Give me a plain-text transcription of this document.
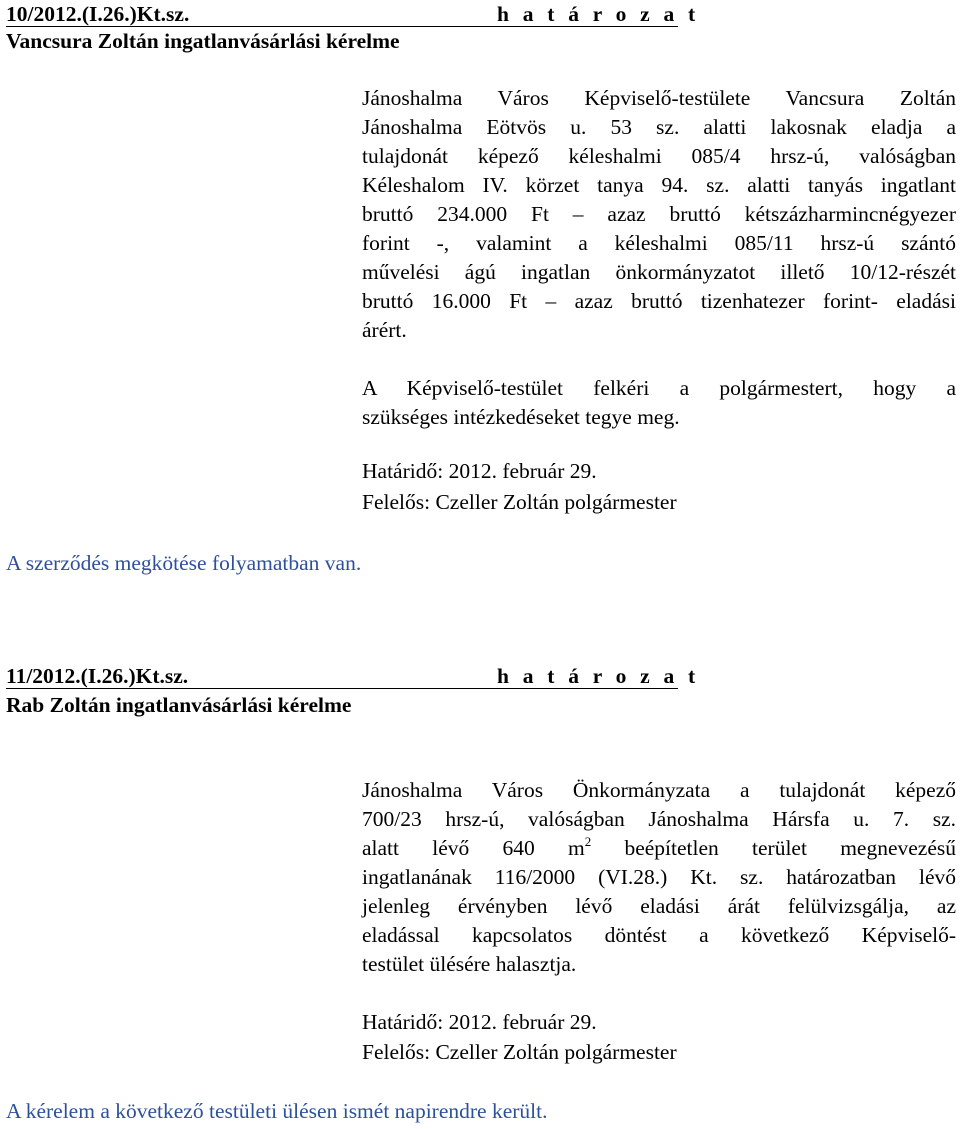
10/2012.(I.26.)Kt.sz.	h a t á r o z a t
Vancsura Zoltán ingatlanvásárlási kérelme
Jánoshalma Város Képviselő-testülete Vancsura Zoltán
Jánoshalma Eötvös u. 53 sz. alatti lakosnak eladja a
tulajdonát képező kéleshalmi 085/4 hrsz-ú, valóságban
Kéleshalom IV. körzet tanya 94. sz. alatti tanyás ingatlant
bruttó 234.000 Ft – azaz bruttó kétszázharmincnégyezer
forint -, valamint a kéleshalmi 085/11 hrsz-ú szántó
művelési ágú ingatlan önkormányzatot illető 10/12-részét
bruttó 16.000 Ft – azaz bruttó tizenhatezer forint- eladási
árért.
A Képviselő-testület felkéri a polgármestert, hogy a
szükséges intézkedéseket tegye meg.
Határidő: 2012. február 29.
Felelős: Czeller Zoltán polgármester
A szerződés megkötése folyamatban van.
11/2012.(I.26.)Kt.sz.	h a t á r o z a t
Rab Zoltán ingatlanvásárlási kérelme
Jánoshalma Város Önkormányzata a tulajdonát képező
700/23 hrsz-ú, valóságban Jánoshalma Hársfa u. 7. sz.
alatt lévő 640 $m^2$ beépítetlen terület megnevezésű
ingatlanának 116/2000 (VI.28.) Kt. sz. határozatban lévő
jelenleg érvényben lévő eladási árát felülvizsgálja, az
eladással kapcsolatos döntést a következő Képviselő-
testület ülésére halasztja.
Határidő: 2012. február 29.
Felelős: Czeller Zoltán polgármester
A kérelem a következő testületi ülésen ismét napirendre került.
